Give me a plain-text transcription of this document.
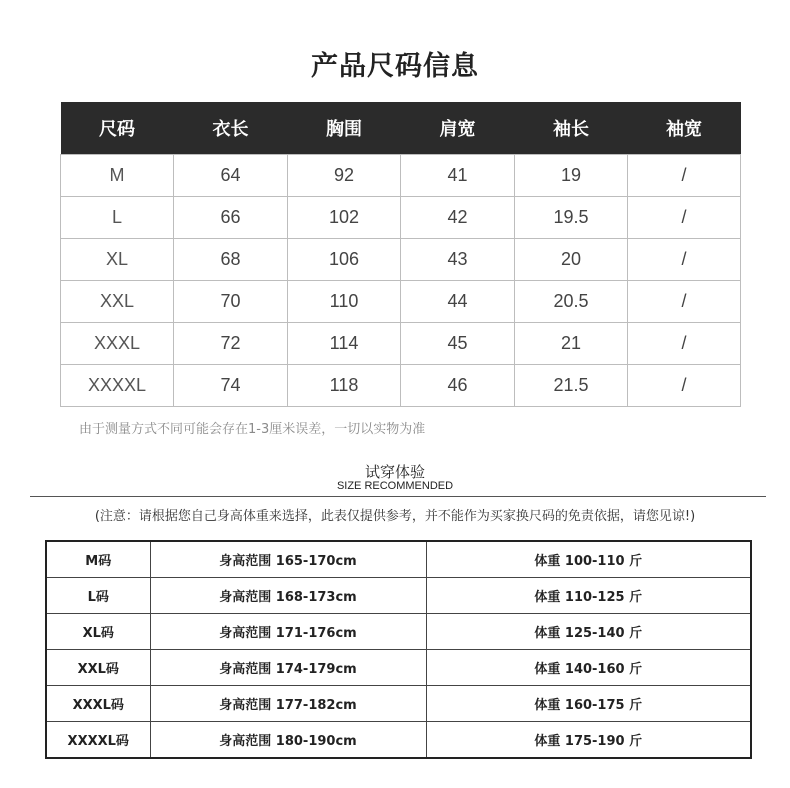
产品尺码信息
尺码	衣长	胸围	肩宽	袖长	袖宽
M	64	92	41	19	/
L	66	102	42	19.5	/
XL	68	106	43	20	/
XXL	70	110	44	20.5	/
XXXL	72	114	45	21	/
XXXXL	74	118	46	21.5	/
由于测量方式不同可能会存在1-3厘米误差，一切以实物为准
试穿体验
SIZE RECOMMENDED
(注意：请根据您自己身高体重来选择，此表仅提供参考，并不能作为买家换尺码的免责依据，请您见谅!)
M码	身高范围 165-170cm	体重 100-110 斤
L码	身高范围 168-173cm	体重 110-125 斤
XL码	身高范围 171-176cm	体重 125-140 斤
XXL码	身高范围 174-179cm	体重 140-160 斤
XXXL码	身高范围 177-182cm	体重 160-175 斤
XXXXL码	身高范围 180-190cm	体重 175-190 斤
